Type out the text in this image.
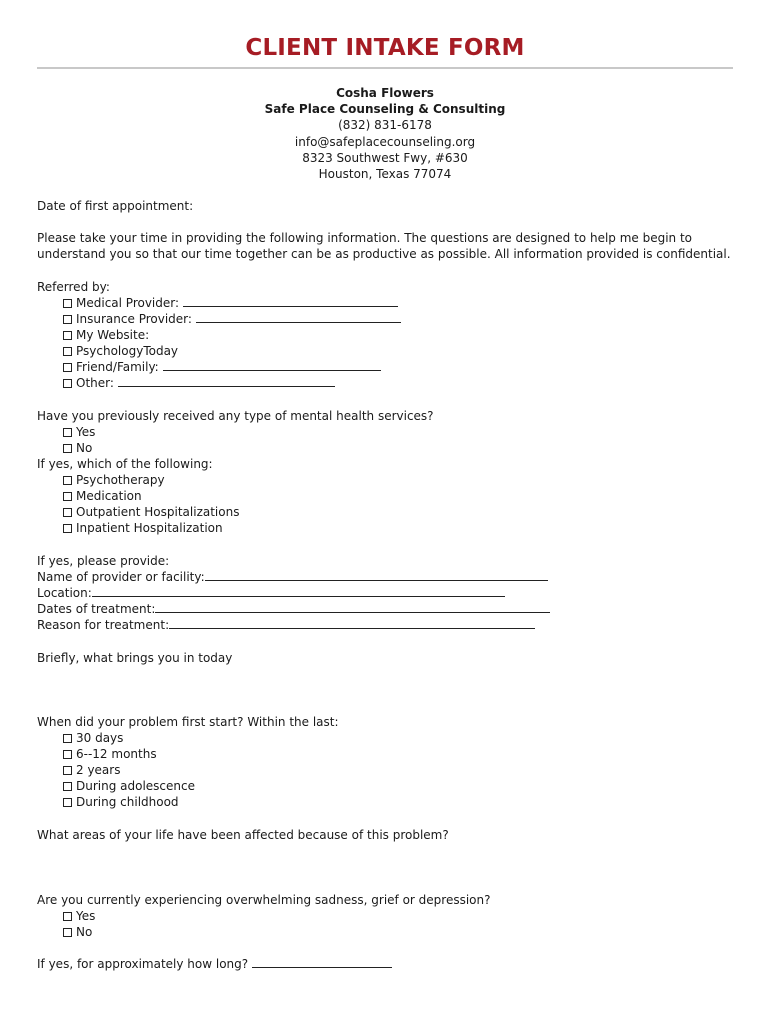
CLIENT INTAKE FORM
Cosha Flowers
Safe Place Counseling & Consulting
(832) 831-6178
info@safeplacecounseling.org
8323 Southwest Fwy, #630
Houston, Texas 77074
Date of first appointment:
Please take your time in providing the following information. The questions are designed to help me begin to
understand you so that our time together can be as productive as possible. All information provided is confidential.
Referred by:
Medical Provider:
Insurance Provider:
My Website:
PsychologyToday
Friend/Family:
Other:
Have you previously received any type of mental health services?
Yes
No
If yes, which of the following:
Psychotherapy
Medication
Outpatient Hospitalizations
Inpatient Hospitalization
If yes, please provide:
Name of provider or facility:
Location:
Dates of treatment:
Reason for treatment:
Briefly, what brings you in today
When did your problem first start? Within the last:
30 days
6--12 months
2 years
During adolescence
During childhood
What areas of your life have been affected because of this problem?
Are you currently experiencing overwhelming sadness, grief or depression?
Yes
No
If yes, for approximately how long?
